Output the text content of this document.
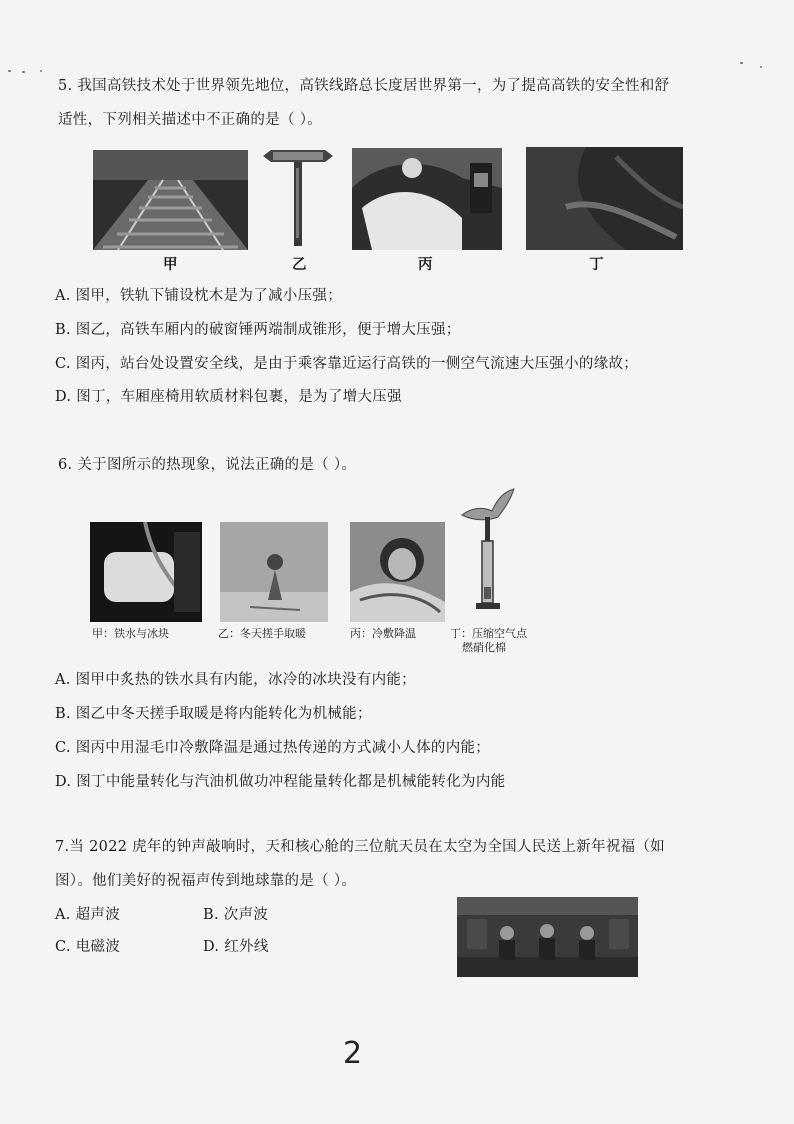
5. 我国高铁技术处于世界领先地位，高铁线路总长度居世界第一，为了提高高铁的安全性和舒
适性，下列相关描述中不正确的是（ ）。
甲	乙	丙	丁
A. 图甲，铁轨下铺设枕木是为了减小压强；
B. 图乙，高铁车厢内的破窗锤两端制成锥形，便于增大压强；
C. 图丙，站台处设置安全线，是由于乘客靠近运行高铁的一侧空气流速大压强小的缘故；
D. 图丁，车厢座椅用软质材料包裹，是为了增大压强
6. 关于图所示的热现象，说法正确的是（ ）。
甲：铁水与冰块	乙：冬天搓手取暖	丙：冷敷降温	丁：压缩空气点
燃硝化棉
A. 图甲中炙热的铁水具有内能，冰冷的冰块没有内能；
B. 图乙中冬天搓手取暖是将内能转化为机械能；
C. 图丙中用湿毛巾冷敷降温是通过热传递的方式减小人体的内能；
D. 图丁中能量转化与汽油机做功冲程能量转化都是机械能转化为内能
7.当 2022 虎年的钟声敲响时，天和核心舱的三位航天员在太空为全国人民送上新年祝福（如
图）。他们美好的祝福声传到地球靠的是（ ）。
A. 超声波	B. 次声波
C. 电磁波	D. 红外线
2
